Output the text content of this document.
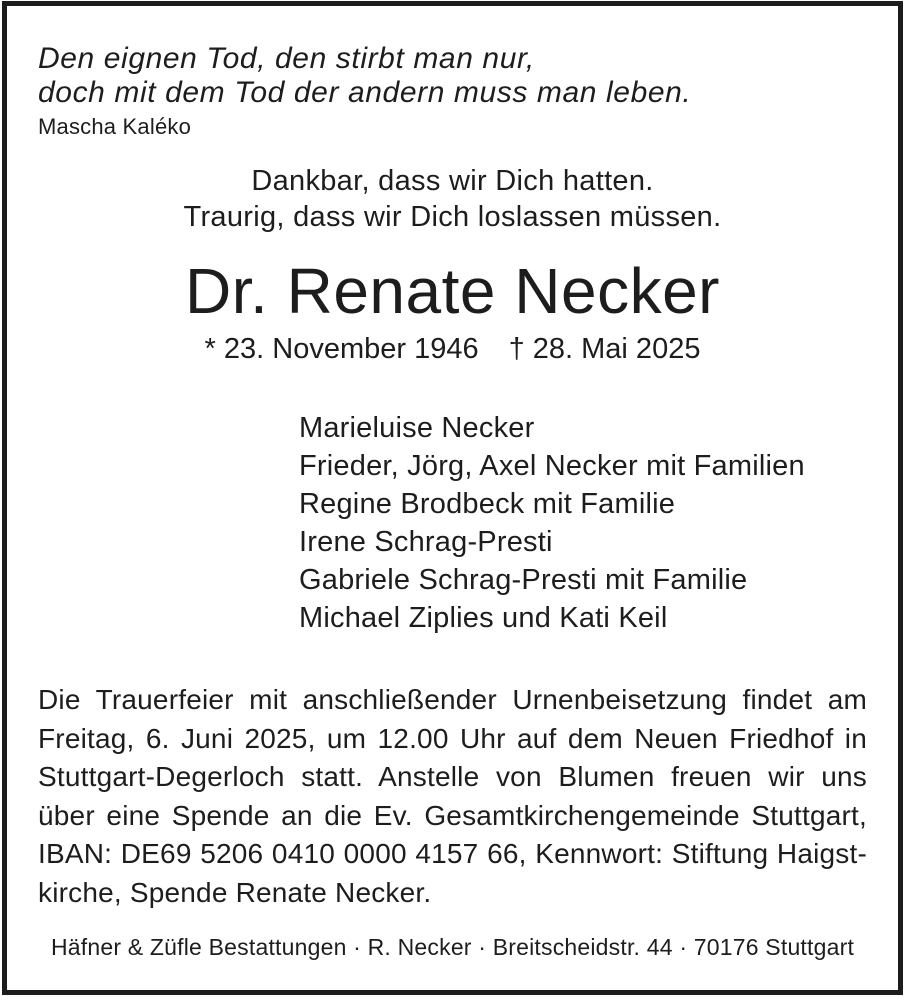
Den eignen Tod, den stirbt man nur,
doch mit dem Tod der andern muss man leben.
Mascha Kaléko
Dankbar, dass wir Dich hatten.
Traurig, dass wir Dich loslassen müssen.
Dr. Renate Necker
* 23. November 1946 † 28. Mai 2025
Marieluise Necker
Frieder, Jörg, Axel Necker mit Familien
Regine Brodbeck mit Familie
Irene Schrag-Presti
Gabriele Schrag-Presti mit Familie
Michael Ziplies und Kati Keil
Die Trauerfeier mit anschließender Urnenbeisetzung findet am
Freitag, 6. Juni 2025, um 12.00 Uhr auf dem Neuen Friedhof in
Stuttgart-Degerloch statt. Anstelle von Blumen freuen wir uns
über eine Spende an die Ev. Gesamtkirchengemeinde Stuttgart,
IBAN: DE69 5206 0410 0000 4157 66, Kennwort: Stiftung Haigst-
kirche, Spende Renate Necker.
Häfner & Züfle Bestattungen · R. Necker · Breitscheidstr. 44 · 70176 Stuttgart
